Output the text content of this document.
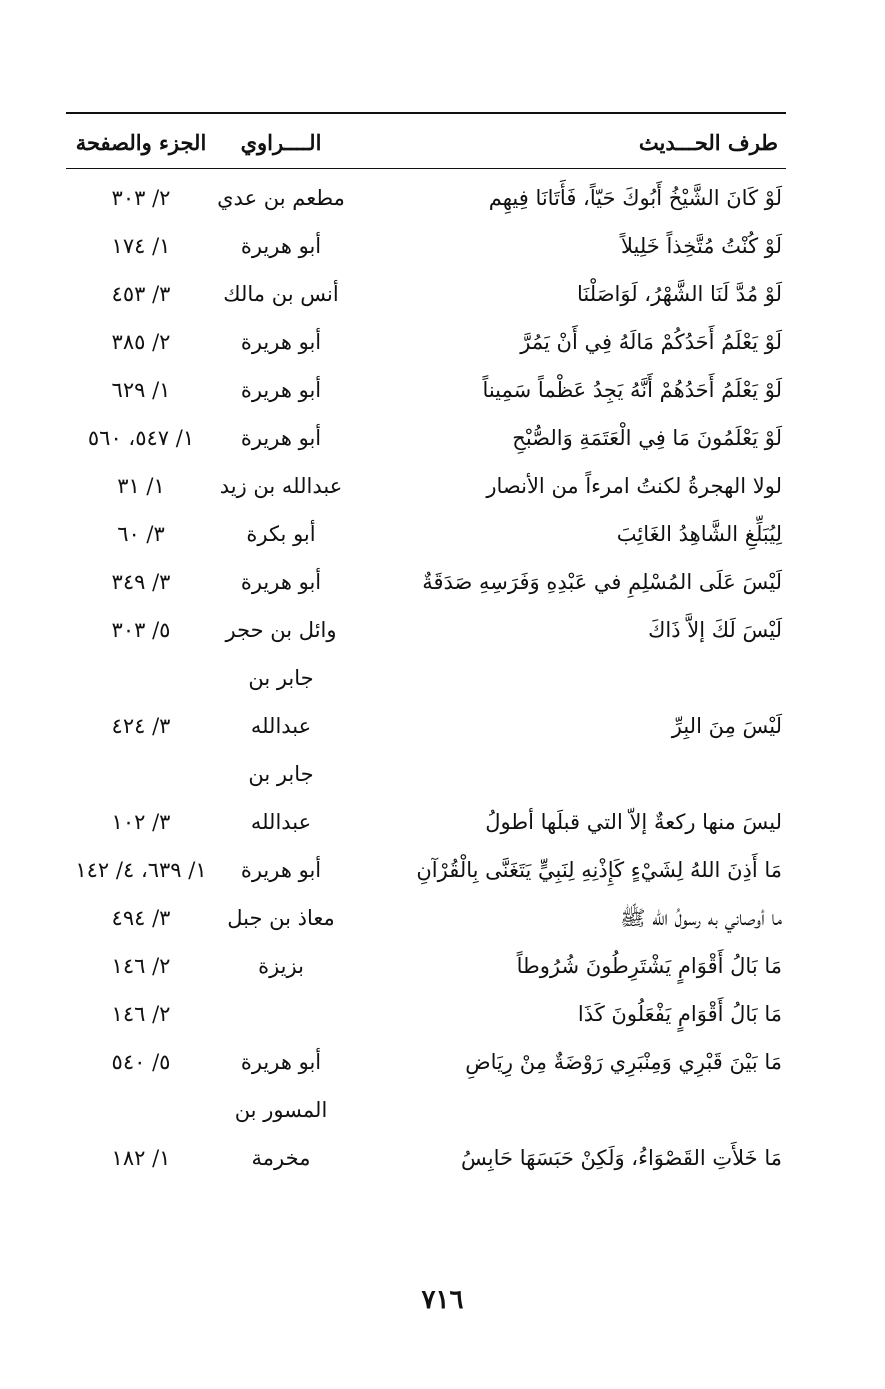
طرف الحـــديث
الــــراوي
الجزء والصفحة
لَوْ كَانَ الشَّيْخُ أَبُوكَ حَيّاً، فَأَتَانَا فِيهِم
مطعم بن عدي
٢/ ٣٠٣
لَوْ كُنْتُ مُتَّخِذاً خَلِيلاً
أبو هريرة
١/ ١٧٤
لَوْ مُدَّ لَنَا الشَّهْرُ، لَوَاصَلْنَا
أنس بن مالك
٣/ ٤٥٣
لَوْ يَعْلَمُ أَحَدُكُمْ مَالَهُ فِي أَنْ يَمُرَّ
أبو هريرة
٢/ ٣٨٥
لَوْ يَعْلَمُ أَحَدُهُمْ أَنَّهُ يَجِدُ عَظْماً سَمِيناً
أبو هريرة
١/ ٦٢٩
لَوْ يَعْلَمُونَ مَا فِي الْعَتَمَةِ وَالصُّبْحِ
أبو هريرة
١/ ٥٤٧، ٥٦٠
لولا الهجرةُ لكنتُ امرءاً من الأنصار
عبدالله بن زيد
١/ ٣١
لِيُبَلِّغِ الشَّاهِدُ الغَائِبَ
أبو بكرة
٣/ ٦٠
لَيْسَ عَلَى المُسْلِمِ في عَبْدِهِ وَفَرَسِهِ صَدَقَةٌ
أبو هريرة
٣/ ٣٤٩
لَيْسَ لَكَ إلاَّ ذَاكَ
وائل بن حجر
٥/ ٣٠٣
لَيْسَ مِنَ البِرِّ
جابر بن عبدالله
٣/ ٤٢٤
ليسَ منها ركعةٌ إلاّ التي قبلَها أطولُ
جابر بن عبدالله
٣/ ١٠٢
مَا أَذِنَ اللهُ لِشَيْءٍ كَإِذْنِهِ لِنَبِيٍّ يَتَغَنَّى بِالْقُرْآنِ
أبو هريرة
١/ ٦٣٩، ٤/ ١٤٢
ما أوصاني به رسولُ الله ﷺ
معاذ بن جبل
٣/ ٤٩٤
مَا بَالُ أَقْوَامٍ يَشْتَرِطُونَ شُرُوطاً
بزيزة
٢/ ١٤٦
مَا بَالُ أَقْوَامٍ يَفْعَلُونَ كَذَا
٢/ ١٤٦
مَا بَيْنَ قَبْرِي وَمِنْبَرِي رَوْضَةٌ مِنْ رِيَاضِ
أبو هريرة
٥/ ٥٤٠
مَا خَلأَتِ القَصْوَاءُ، وَلَكِنْ حَبَسَهَا حَابِسُ
المسور بن مخرمة
١/ ١٨٢
٧١٦
